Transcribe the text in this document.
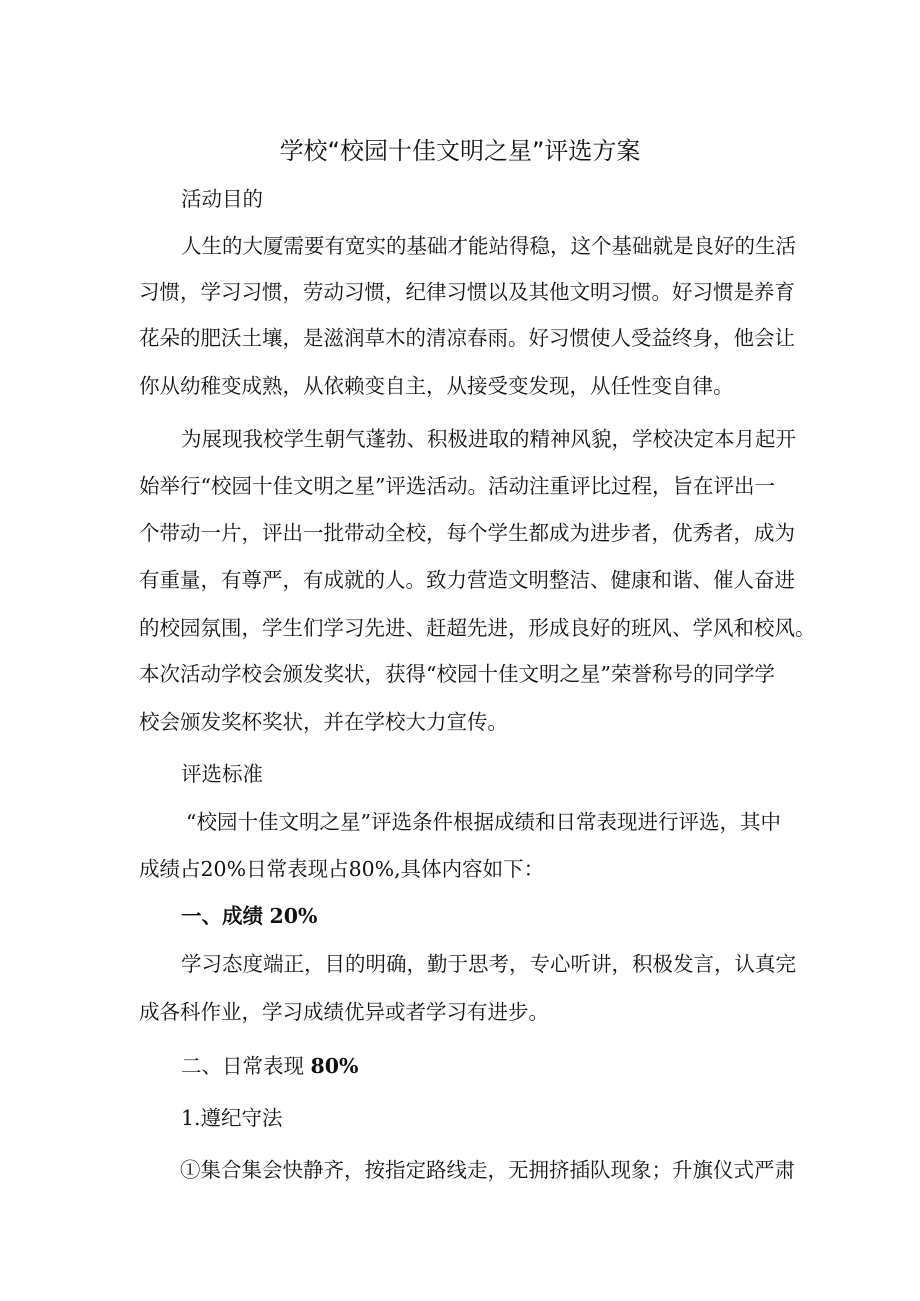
学校“校园十佳文明之星”评选方案
活动目的
人生的大厦需要有宽实的基础才能站得稳，这个基础就是良好的生活
习惯，学习习惯，劳动习惯，纪律习惯以及其他文明习惯。好习惯是养育
花朵的肥沃土壤，是滋润草木的清凉春雨。好习惯使人受益终身，他会让
你从幼稚变成熟，从依赖变自主，从接受变发现，从任性变自律。
为展现我校学生朝气蓬勃、积极进取的精神风貌，学校决定本月起开
始举行“校园十佳文明之星”评选活动。活动注重评比过程，旨在评出一
个带动一片，评出一批带动全校，每个学生都成为进步者，优秀者，成为
有重量，有尊严，有成就的人。致力营造文明整洁、健康和谐、催人奋进
的校园氛围，学生们学习先进、赶超先进，形成良好的班风、学风和校风。
本次活动学校会颁发奖状，获得“校园十佳文明之星”荣誉称号的同学学
校会颁发奖杯奖状，并在学校大力宣传。
评选标准
“校园十佳文明之星”评选条件根据成绩和日常表现进行评选，其中
成绩占20%日常表现占80%,具体内容如下：
一、成绩 20%
学习态度端正，目的明确，勤于思考，专心听讲，积极发言，认真完
成各科作业，学习成绩优异或者学习有进步。
二、日常表现 80%
1.遵纪守法
①集合集会快静齐，按指定路线走，无拥挤插队现象；升旗仪式严肃
